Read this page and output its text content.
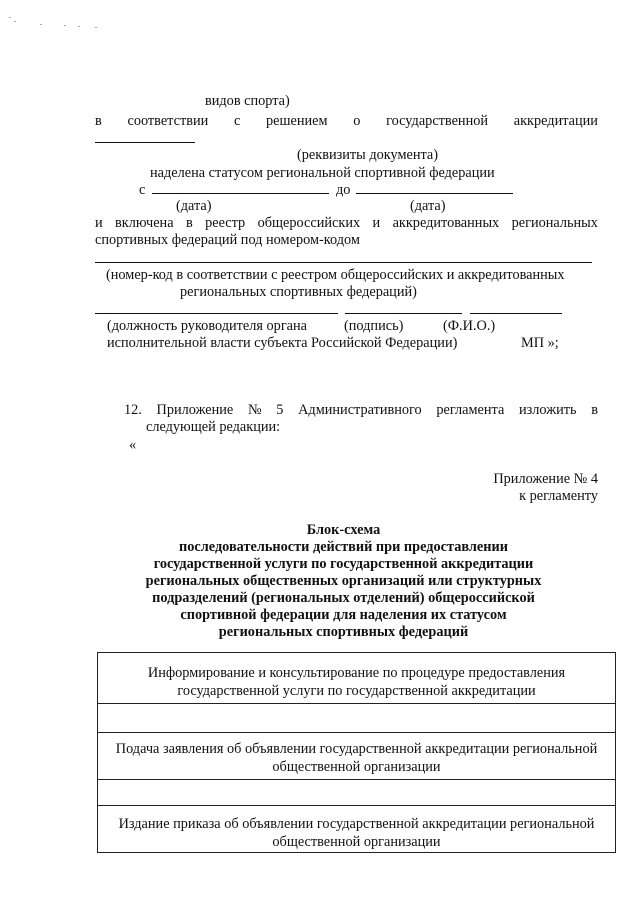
видов спорта)
в соответствии с решением о государственной аккредитации
(реквизиты документа)
наделена статусом региональной спортивной федерации
с	до
(дата)	(дата)
и включена в реестр общероссийских и аккредитованных региональных
спортивных федераций под номером-кодом
(номер-код в соответствии с реестром общероссийских и аккредитованных
региональных спортивных федераций)
(должность руководителя органа	(подпись)	(Ф.И.О.)
исполнительной власти субъекта Российской Федерации)	МП »;
12. Приложение № 5 Административного регламента изложить в
следующей редакции:
«
Приложение № 4
к регламенту
Блок-схема
последовательности действий при предоставлении
государственной услуги по государственной аккредитации
региональных общественных организаций или структурных
подразделений (региональных отделений) общероссийской
спортивной федерации для наделения их статусом
региональных спортивных федераций
Информирование и консультирование по процедуре предоставления
государственной услуги по государственной аккредитации
Подача заявления об объявлении государственной аккредитации региональной
общественной организации
Издание приказа об объявлении государственной аккредитации региональной
общественной организации
